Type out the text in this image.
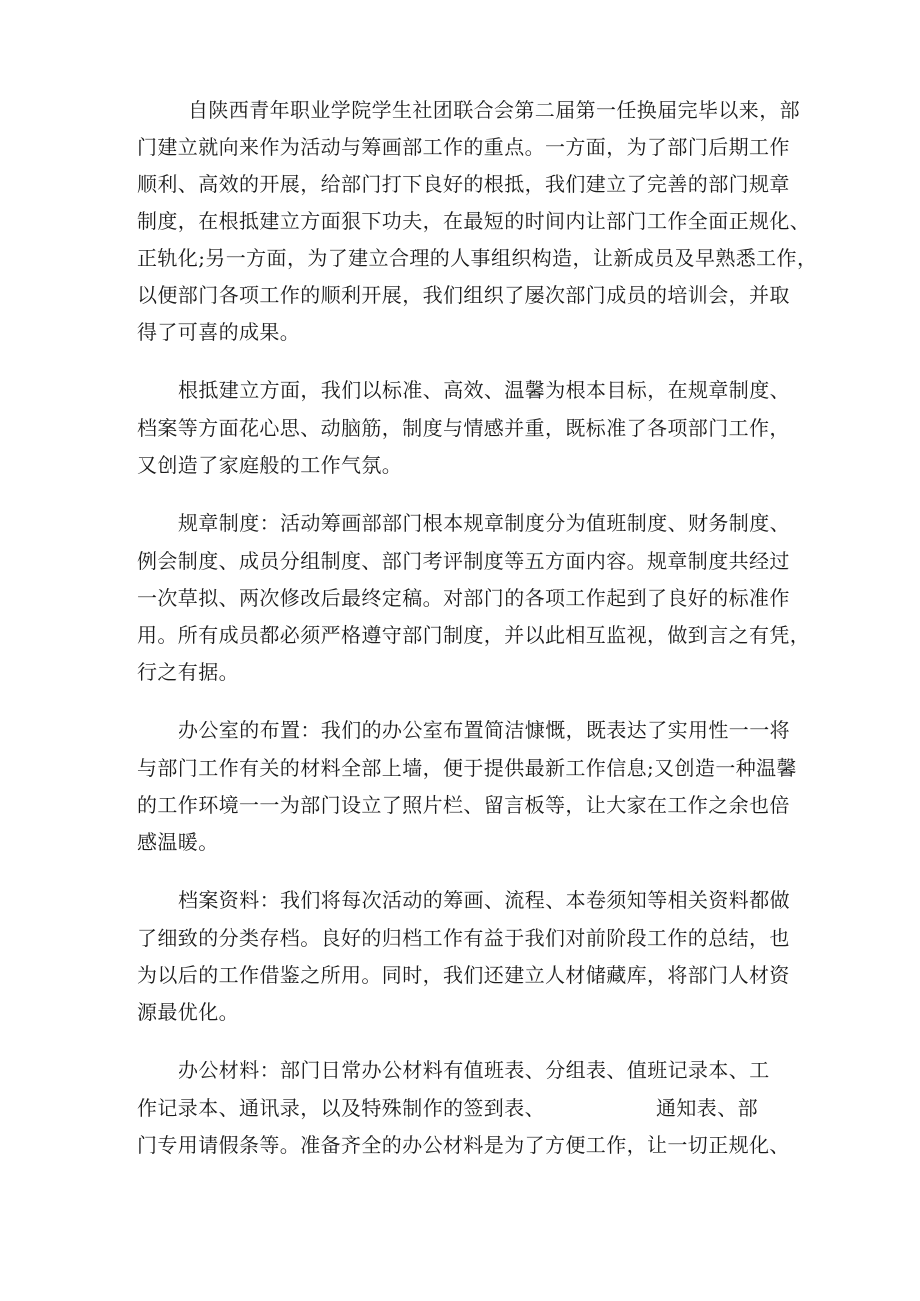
自陕西青年职业学院学生社团联合会第二届第一任换届完毕以来，部
门建立就向来作为活动与筹画部工作的重点。一方面，为了部门后期工作
顺利、高效的开展，给部门打下良好的根抵，我们建立了完善的部门规章
制度，在根抵建立方面狠下功夫，在最短的时间内让部门工作全面正规化、
正轨化;另一方面，为了建立合理的人事组织构造，让新成员及早熟悉工作，
以便部门各项工作的顺利开展，我们组织了屡次部门成员的培训会，并取
得了可喜的成果。
根抵建立方面，我们以标准、高效、温馨为根本目标，在规章制度、
档案等方面花心思、动脑筋，制度与情感并重，既标准了各项部门工作，
又创造了家庭般的工作气氛。
规章制度：活动筹画部部门根本规章制度分为值班制度、财务制度、
例会制度、成员分组制度、部门考评制度等五方面内容。规章制度共经过
一次草拟、两次修改后最终定稿。对部门的各项工作起到了良好的标准作
用。所有成员都必须严格遵守部门制度，并以此相互监视，做到言之有凭，
行之有据。
办公室的布置：我们的办公室布置简洁慷慨，既表达了实用性一一将
与部门工作有关的材料全部上墙，便于提供最新工作信息;又创造一种温馨
的工作环境一一为部门设立了照片栏、留言板等，让大家在工作之余也倍
感温暖。
档案资料：我们将每次活动的筹画、流程、本卷须知等相关资料都做
了细致的分类存档。良好的归档工作有益于我们对前阶段工作的总结，也
为以后的工作借鉴之所用。同时，我们还建立人材储藏库，将部门人材资
源最优化。
办公材料：部门日常办公材料有值班表、分组表、值班记录本、工
作记录本、通讯录，以及特殊制作的签到表、	通知表、部
门专用请假条等。准备齐全的办公材料是为了方便工作，让一切正规化、
